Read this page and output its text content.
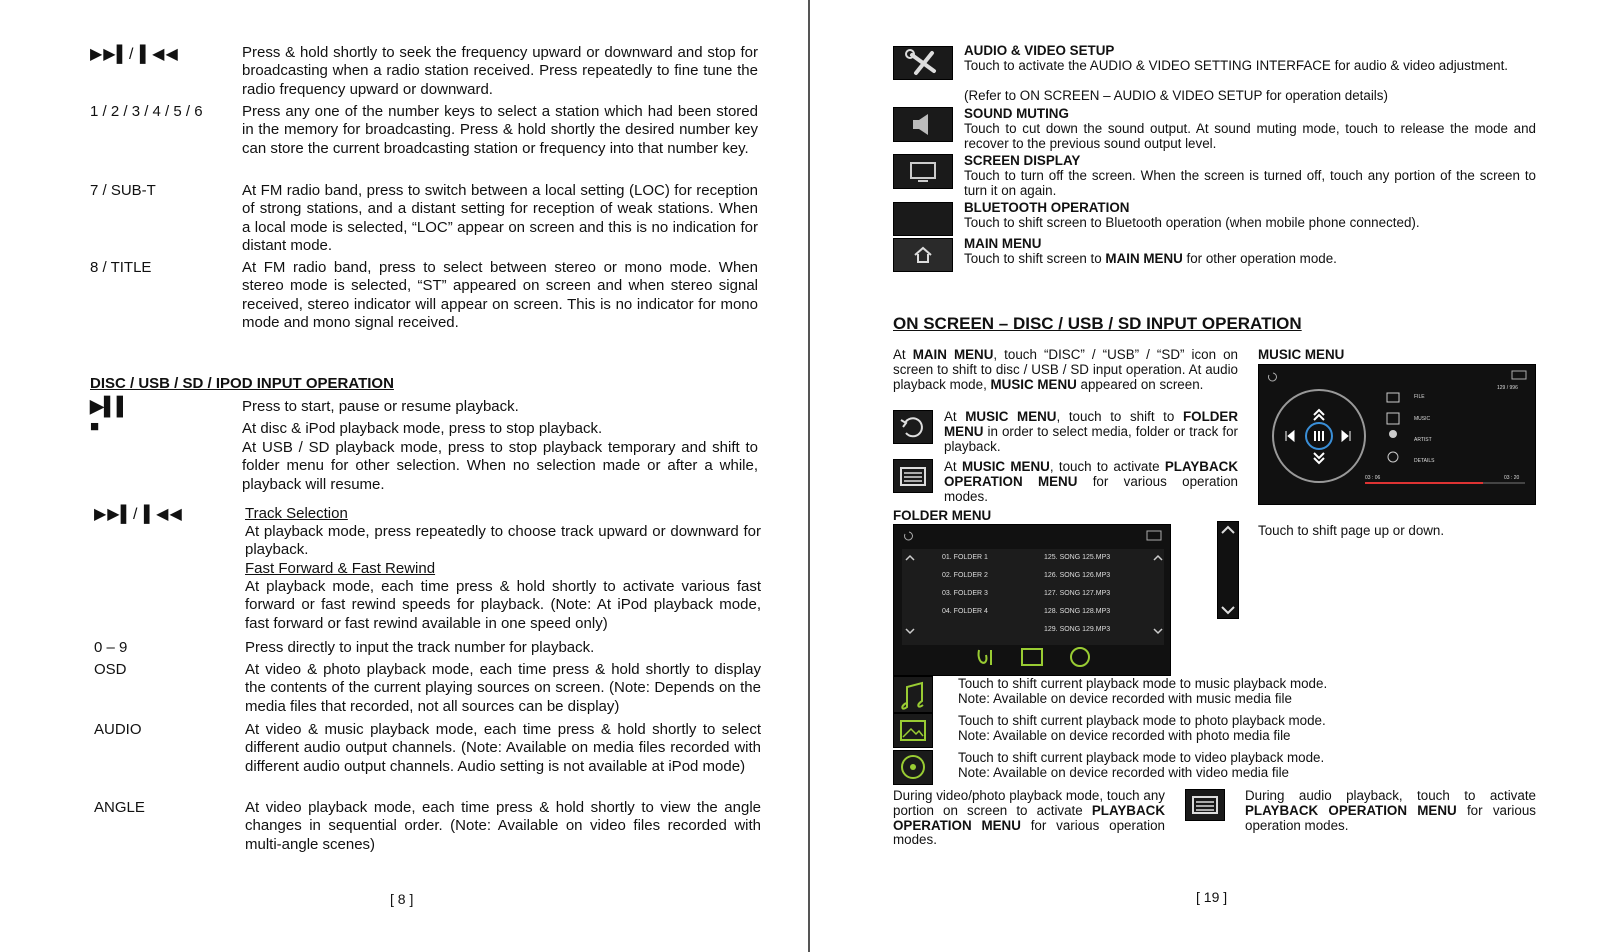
▶▶▌/ ▌◀◀	Press & hold shortly to seek the frequency upward or downward and stop for broadcasting when a radio station received. Press repeatedly to fine tune the radio frequency upward or downward.
1 / 2 / 3 / 4 / 5 / 6	Press any one of the number keys to select a station which had been stored in the memory for broadcasting. Press & hold shortly the desired number key can store the current broadcasting station or frequency into that number key.
7 / SUB-T	At FM radio band, press to switch between a local setting (LOC) for reception of strong stations, and a distant setting for reception of weak stations. When a local mode is selected, “LOC” appear on screen and this is no indication for distant mode.
8 / TITLE	At FM radio band, press to select between stereo or mono mode. When stereo mode is selected, “ST” appeared on screen and when stereo signal received, stereo indicator will appear on screen. This is no indicator for mono mode and mono signal received.
DISC / USB / SD / IPOD INPUT OPERATION
▶▌▌	Press to start, pause or resume playback.
■	At disc & iPod playback mode, press to stop playback.
At USB / SD playback mode, press to stop playback temporary and shift to folder menu for other selection. When no selection made or after a while, playback will resume.
▶▶▌/ ▌◀◀	Track Selection
At playback mode, press repeatedly to choose track upward or downward for playback.
Fast Forward & Fast Rewind
At playback mode, each time press & hold shortly to activate various fast forward or fast rewind speeds for playback. (Note: At iPod playback mode, fast forward or fast rewind available in one speed only)
0 – 9	Press directly to input the track number for playback.
OSD	At video & photo playback mode, each time press & hold shortly to display the contents of the current playing sources on screen. (Note: Depends on the media files that recorded, not all sources can be display)
AUDIO	At video & music playback mode, each time press & hold shortly to select different audio output channels. (Note: Available on media files recorded with different audio output channels. Audio setting is not available at iPod mode)
ANGLE	At video playback mode, each time press & hold shortly to view the angle changes in sequential order. (Note: Available on video files recorded with multi-angle scenes)
[ 8 ]
AUDIO & VIDEO SETUP
Touch to activate the AUDIO & VIDEO SETTING INTERFACE for audio & video adjustment.
(Refer to ON SCREEN – AUDIO & VIDEO SETUP for operation details)
SOUND MUTING
Touch to cut down the sound output. At sound muting mode, touch to release the mode and recover to the previous sound output level.
SCREEN DISPLAY
Touch to turn off the screen. When the screen is turned off, touch any portion of the screen to turn it on again.
BLUETOOTH OPERATION
Touch to shift screen to Bluetooth operation (when mobile phone connected).
MAIN MENU
Touch to shift screen to MAIN MENU for other operation mode.
ON SCREEN – DISC / USB / SD INPUT OPERATION
At MAIN MENU, touch “DISC” / “USB” / “SD” icon on screen to shift to disc / USB / SD input operation. At audio playback mode, MUSIC MENU appeared on screen.
At MUSIC MENU, touch to shift to FOLDER MENU in order to select media, folder or track for playback.
At MUSIC MENU, touch to activate PLAYBACK OPERATION MENU for various operation modes.
MUSIC MENU
FILE
MUSIC
ARTIST
DETAILS
03 : 06	03 : 20
129 / 996
FOLDER MENU
01. FOLDER 1	125. SONG 125.MP3
02. FOLDER 2	126. SONG 126.MP3
03. FOLDER 3	127. SONG 127.MP3
04. FOLDER 4	128. SONG 128.MP3
129. SONG 129.MP3
Touch to shift page up or down.
Touch to shift current playback mode to music playback mode.
Note: Available on device recorded with music media file
Touch to shift current playback mode to photo playback mode.
Note: Available on device recorded with photo media file
Touch to shift current playback mode to video playback mode.
Note: Available on device recorded with video media file
During video/photo playback mode, touch any portion on screen to activate PLAYBACK OPERATION MENU for various operation modes.
During audio playback, touch to activate PLAYBACK OPERATION MENU for various operation modes.
[ 19 ]
